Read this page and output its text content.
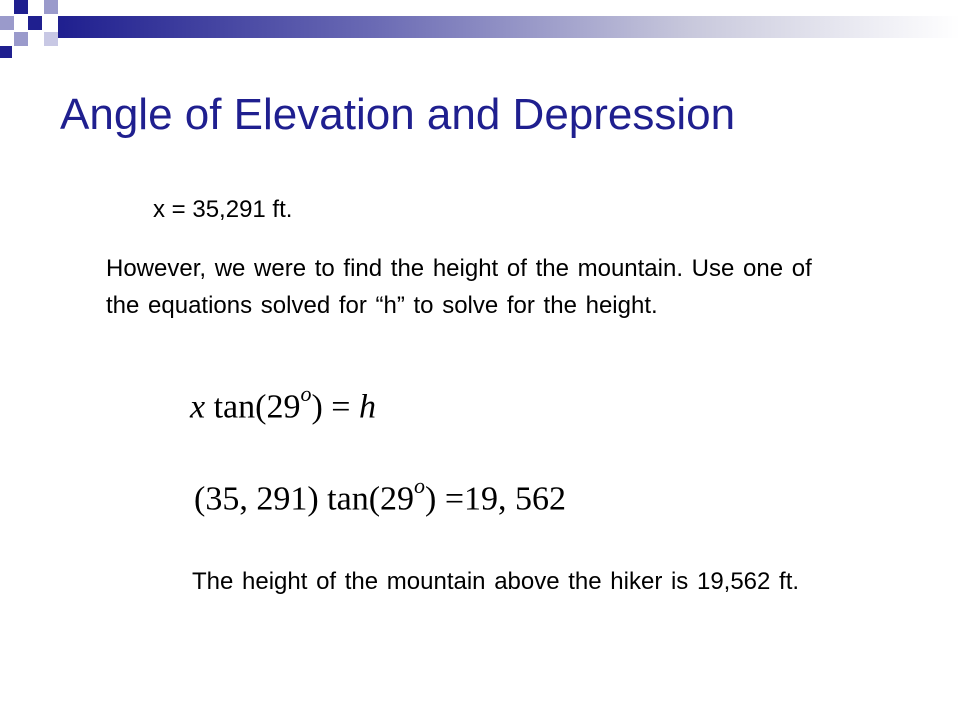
Angle of Elevation and Depression

x = 35,291 ft.

However, we were to find the height of the mountain. Use one of the equations solved for “h” to solve for the height.

x $\tan(29^o) = h$
(35, 291) $\tan(29^o) =19$, 562

The height of the mountain above the hiker is 19,562 ft.
